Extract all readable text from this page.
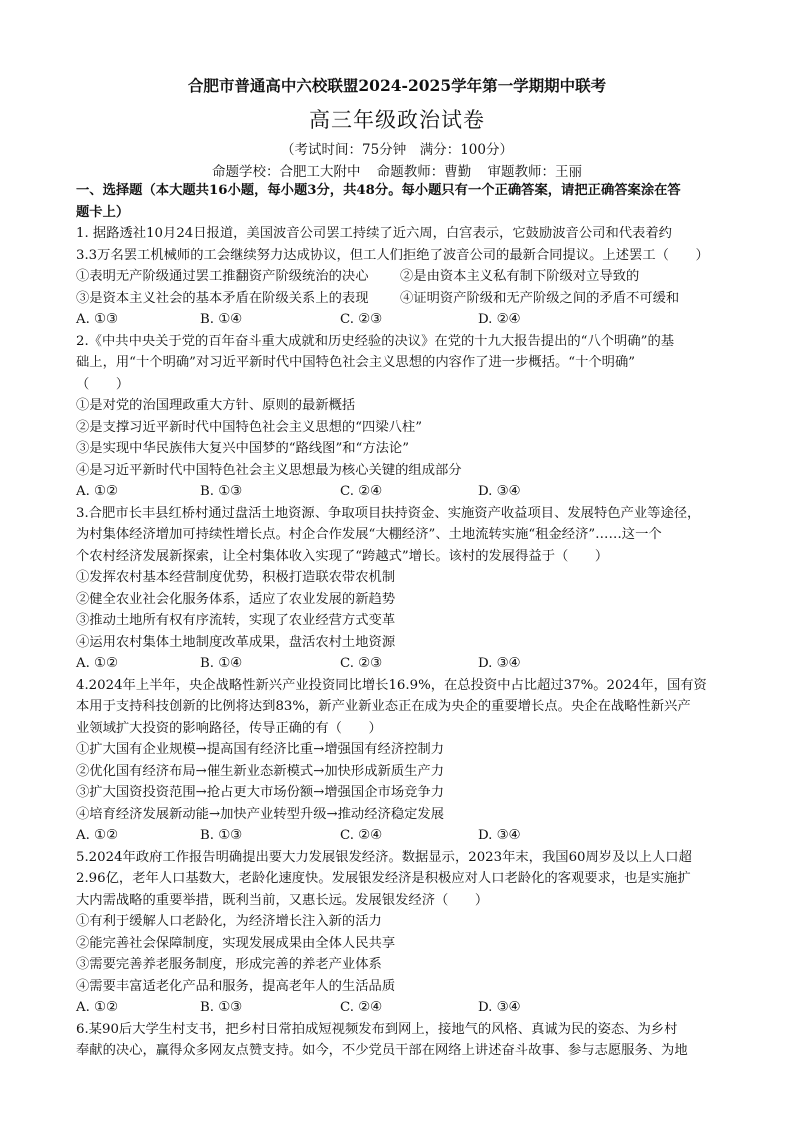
合肥市普通高中六校联盟2024-2025学年第一学期期中联考
高三年级政治试卷
（考试时间：75分钟　满分：100分）
命题学校：合肥工大附中 命题教师：曹勤 审题教师：王丽

一、选择题（本大题共16小题，每小题3分，共48分。每小题只有一个正确答案，请把正确答案涂在答

题卡上）

1. 据路透社10月24日报道，美国波音公司罢工持续了近六周，白宫表示，它鼓励波音公司和代表着约

3.3万名罢工机械师的工会继续努力达成协议，但工人们拒绝了波音公司的最新合同提议。上述罢工（　　）

①表明无产阶级通过罢工推翻资产阶级统治的决心	②是由资本主义私有制下阶级对立导致的
③是资本主义社会的基本矛盾在阶级关系上的表现	④证明资产阶级和无产阶级之间的矛盾不可缓和
A. ①③	B. ①④	C. ②③	D. ②④

2.《中共中央关于党的百年奋斗重大成就和历史经验的决议》在党的十九大报告提出的“八个明确”的基

础上，用“十个明确”对习近平新时代中国特色社会主义思想的内容作了进一步概括。“十个明确”

（　　）

①是对党的治国理政重大方针、原则的最新概括

②是支撑习近平新时代中国特色社会主义思想的“四梁八柱”

③是实现中华民族伟大复兴中国梦的“路线图”和“方法论”

④是习近平新时代中国特色社会主义思想最为核心关键的组成部分

A. ①②	B. ①③	C. ②④	D. ③④

3.合肥市长丰县红桥村通过盘活土地资源、争取项目扶持资金、实施资产收益项目、发展特色产业等途径，

为村集体经济增加可持续性增长点。村企合作发展“大棚经济”、土地流转实施“租金经济”……这一个

个农村经济发展新探索，让全村集体收入实现了“跨越式”增长。该村的发展得益于（　　）

①发挥农村基本经营制度优势，积极打造联农带农机制

②健全农业社会化服务体系，适应了农业发展的新趋势

③推动土地所有权有序流转，实现了农业经营方式变革

④运用农村集体土地制度改革成果，盘活农村土地资源

A. ①②	B. ①④	C. ②③	D. ③④

4.2024年上半年，央企战略性新兴产业投资同比增长16.9%，在总投资中占比超过37%。2024年，国有资

本用于支持科技创新的比例将达到83%，新产业新业态正在成为央企的重要增长点。央企在战略性新兴产

业领域扩大投资的影响路径，传导正确的有（　　）

①扩大国有企业规模→提高国有经济比重→增强国有经济控制力

②优化国有经济布局→催生新业态新模式→加快形成新质生产力

③扩大国资投资范围→抢占更大市场份额→增强国企市场竞争力

④培育经济发展新动能→加快产业转型升级→推动经济稳定发展

A. ①②	B. ①③	C. ②④	D. ③④

5.2024年政府工作报告明确提出要大力发展银发经济。数据显示，2023年末，我国60周岁及以上人口超

2.96亿，老年人口基数大，老龄化速度快。发展银发经济是积极应对人口老龄化的客观要求，也是实施扩

大内需战略的重要举措，既利当前，又惠长远。发展银发经济（　　）

①有利于缓解人口老龄化，为经济增长注入新的活力

②能完善社会保障制度，实现发展成果由全体人民共享

③需要完善养老服务制度，形成完善的养老产业体系

④需要丰富适老化产品和服务，提高老年人的生活品质

A. ①②	B. ①③	C. ②④	D. ③④

6.某90后大学生村支书，把乡村日常拍成短视频发布到网上，接地气的风格、真诚为民的姿态、为乡村

奉献的决心，赢得众多网友点赞支持。如今，不少党员干部在网络上讲述奋斗故事、参与志愿服务、为地
